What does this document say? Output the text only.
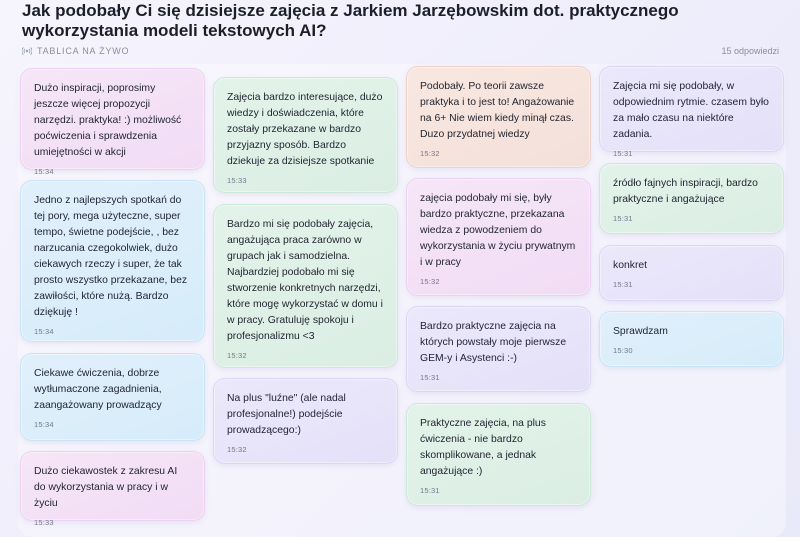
Jak podobały Ci się dzisiejsze zajęcia z Jarkiem Jarzębowskim dot. praktycznego wykorzystania modeli tekstowych AI?
TABLICA NA ŻYWO	15 odpowiedzi
Dużo inspiracji, poprosimy jeszcze więcej propozycji narzędzi. praktyka! :) możliwość poćwiczenia i sprawdzenia umiejętności w akcji
15:34
Jedno z najlepszych spotkań do tej pory, mega użyteczne, super tempo, świetne podejście, , bez narzucania czegokolwiek, dużo ciekawych rzeczy i super, że tak prosto wszystko przekazane, bez zawiłości, które nużą. Bardzo dziękuję !
15:34
Ciekawe ćwiczenia, dobrze wytłumaczone zagadnienia, zaangażowany prowadzący
15:34
Dużo ciekawostek z zakresu AI do wykorzystania w pracy i w życiu
15:33
Zajęcia bardzo interesujące, dużo wiedzy i doświadczenia, które zostały przekazane w bardzo przyjazny sposób. Bardzo dziekuje za dzisiejsze spotkanie
15:33
Bardzo mi się podobały zajęcia, angażująca praca zarówno w grupach jak i samodzielna. Najbardziej podobało mi się stworzenie konkretnych narzędzi, które mogę wykorzystać w domu i w pracy. Gratuluję spokoju i profesjonalizmu <3
15:32
Na plus "luźne" (ale nadal profesjonalne!) podejście prowadzącego:)
15:32
Podobały. Po teorii zawsze praktyka i to jest to! Angażowanie na 6+ Nie wiem kiedy minął czas. Duzo przydatnej wiedzy
15:32
zajęcia podobały mi się, były bardzo praktyczne, przekazana wiedza z powodzeniem do wykorzystania w życiu prywatnym i w pracy
15:32
Bardzo praktyczne zajęcia na których powstały moje pierwsze GEM-y i Asystenci :-)
15:31
Praktyczne zajęcia, na plus ćwiczenia - nie bardzo skomplikowane, a jednak angażujące :)
15:31
Zajęcia mi się podobały, w odpowiednim rytmie. czasem było za mało czasu na niektóre zadania.
15:31
źródło fajnych inspiracji, bardzo praktyczne i angażujące
15:31
konkret
15:31
Sprawdzam
15:30
